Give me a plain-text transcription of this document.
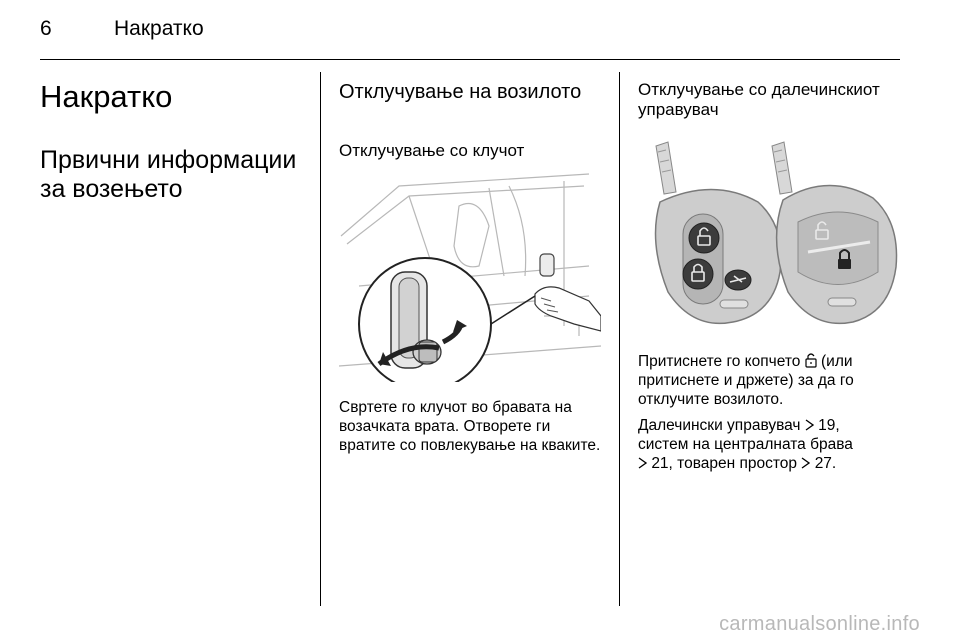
6	Накратко
Накратко
Првични информации за возењето
Отклучување на возилото
Отклучување со клучот
Свртете го клучот во бравата на возачката врата. Отворете ги вратите со повлекување на кваките.
Отклучување со далечинскиот управувач
Притиснете го копчето (или притиснете и држете) за да го отклучите возилото.
Далечински управувач 19,
систем на централната брава
21, товарен простор 27.
carmanualsonline.info
